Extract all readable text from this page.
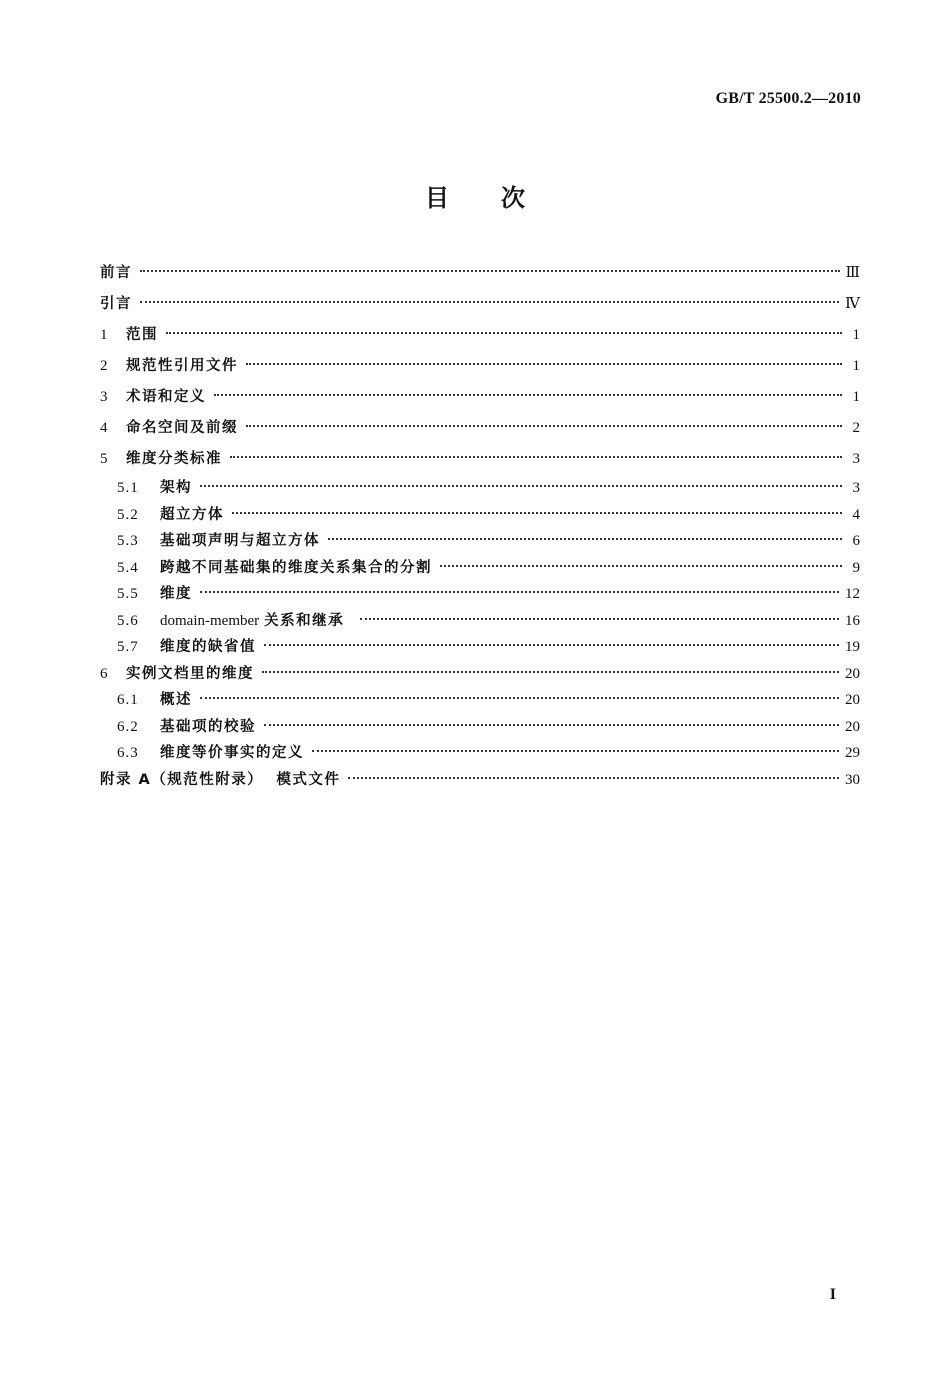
GB/T 25500.2—2010
目次
前言	Ⅲ
引言	Ⅳ
1	范围	1
2	规范性引用文件	1
3	术语和定义	1
4	命名空间及前缀	2
5	维度分类标准	3
5.1	架构	3
5.2	超立方体	4
5.3	基础项声明与超立方体	6
5.4	跨越不同基础集的维度关系集合的分割	9
5.5	维度	12
5.6	domain-member 关系和继承	16
5.7	维度的缺省值	19
6	实例文档里的维度	20
6.1	概述	20
6.2	基础项的校验	20
6.3	维度等价事实的定义	29
附录 A（规范性附录）  模式文件	30
I
